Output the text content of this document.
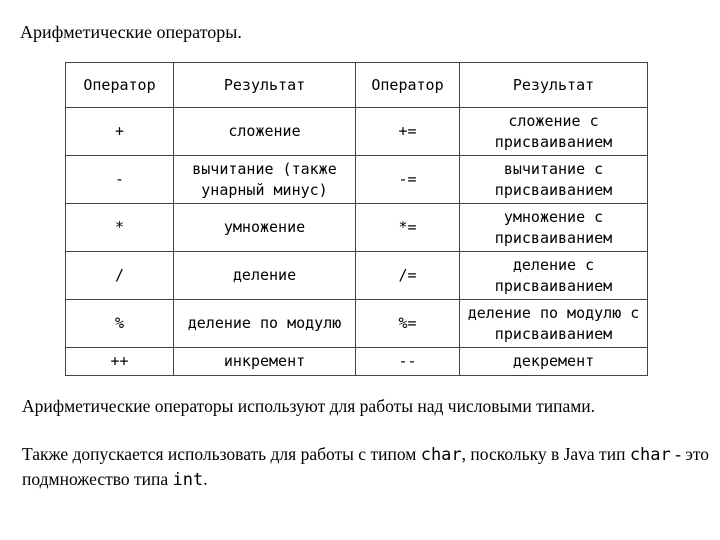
Арифметические операторы.
Оператор	Результат	Оператор	Результат
+	сложение	+=	сложение с присваиванием
-	вычитание (также унарный минус)	-=	вычитание с присваиванием
*	умножение	*=	умножение с присваиванием
/	деление	/=	деление с присваиванием
%	деление по модулю	%=	деление по модулю с присваиванием
++	инкремент	--	декремент
Арифметические операторы используют для работы над числовыми типами.
Также допускается использовать для работы с типом char, поскольку в Java тип char - это подмножество типа int.
